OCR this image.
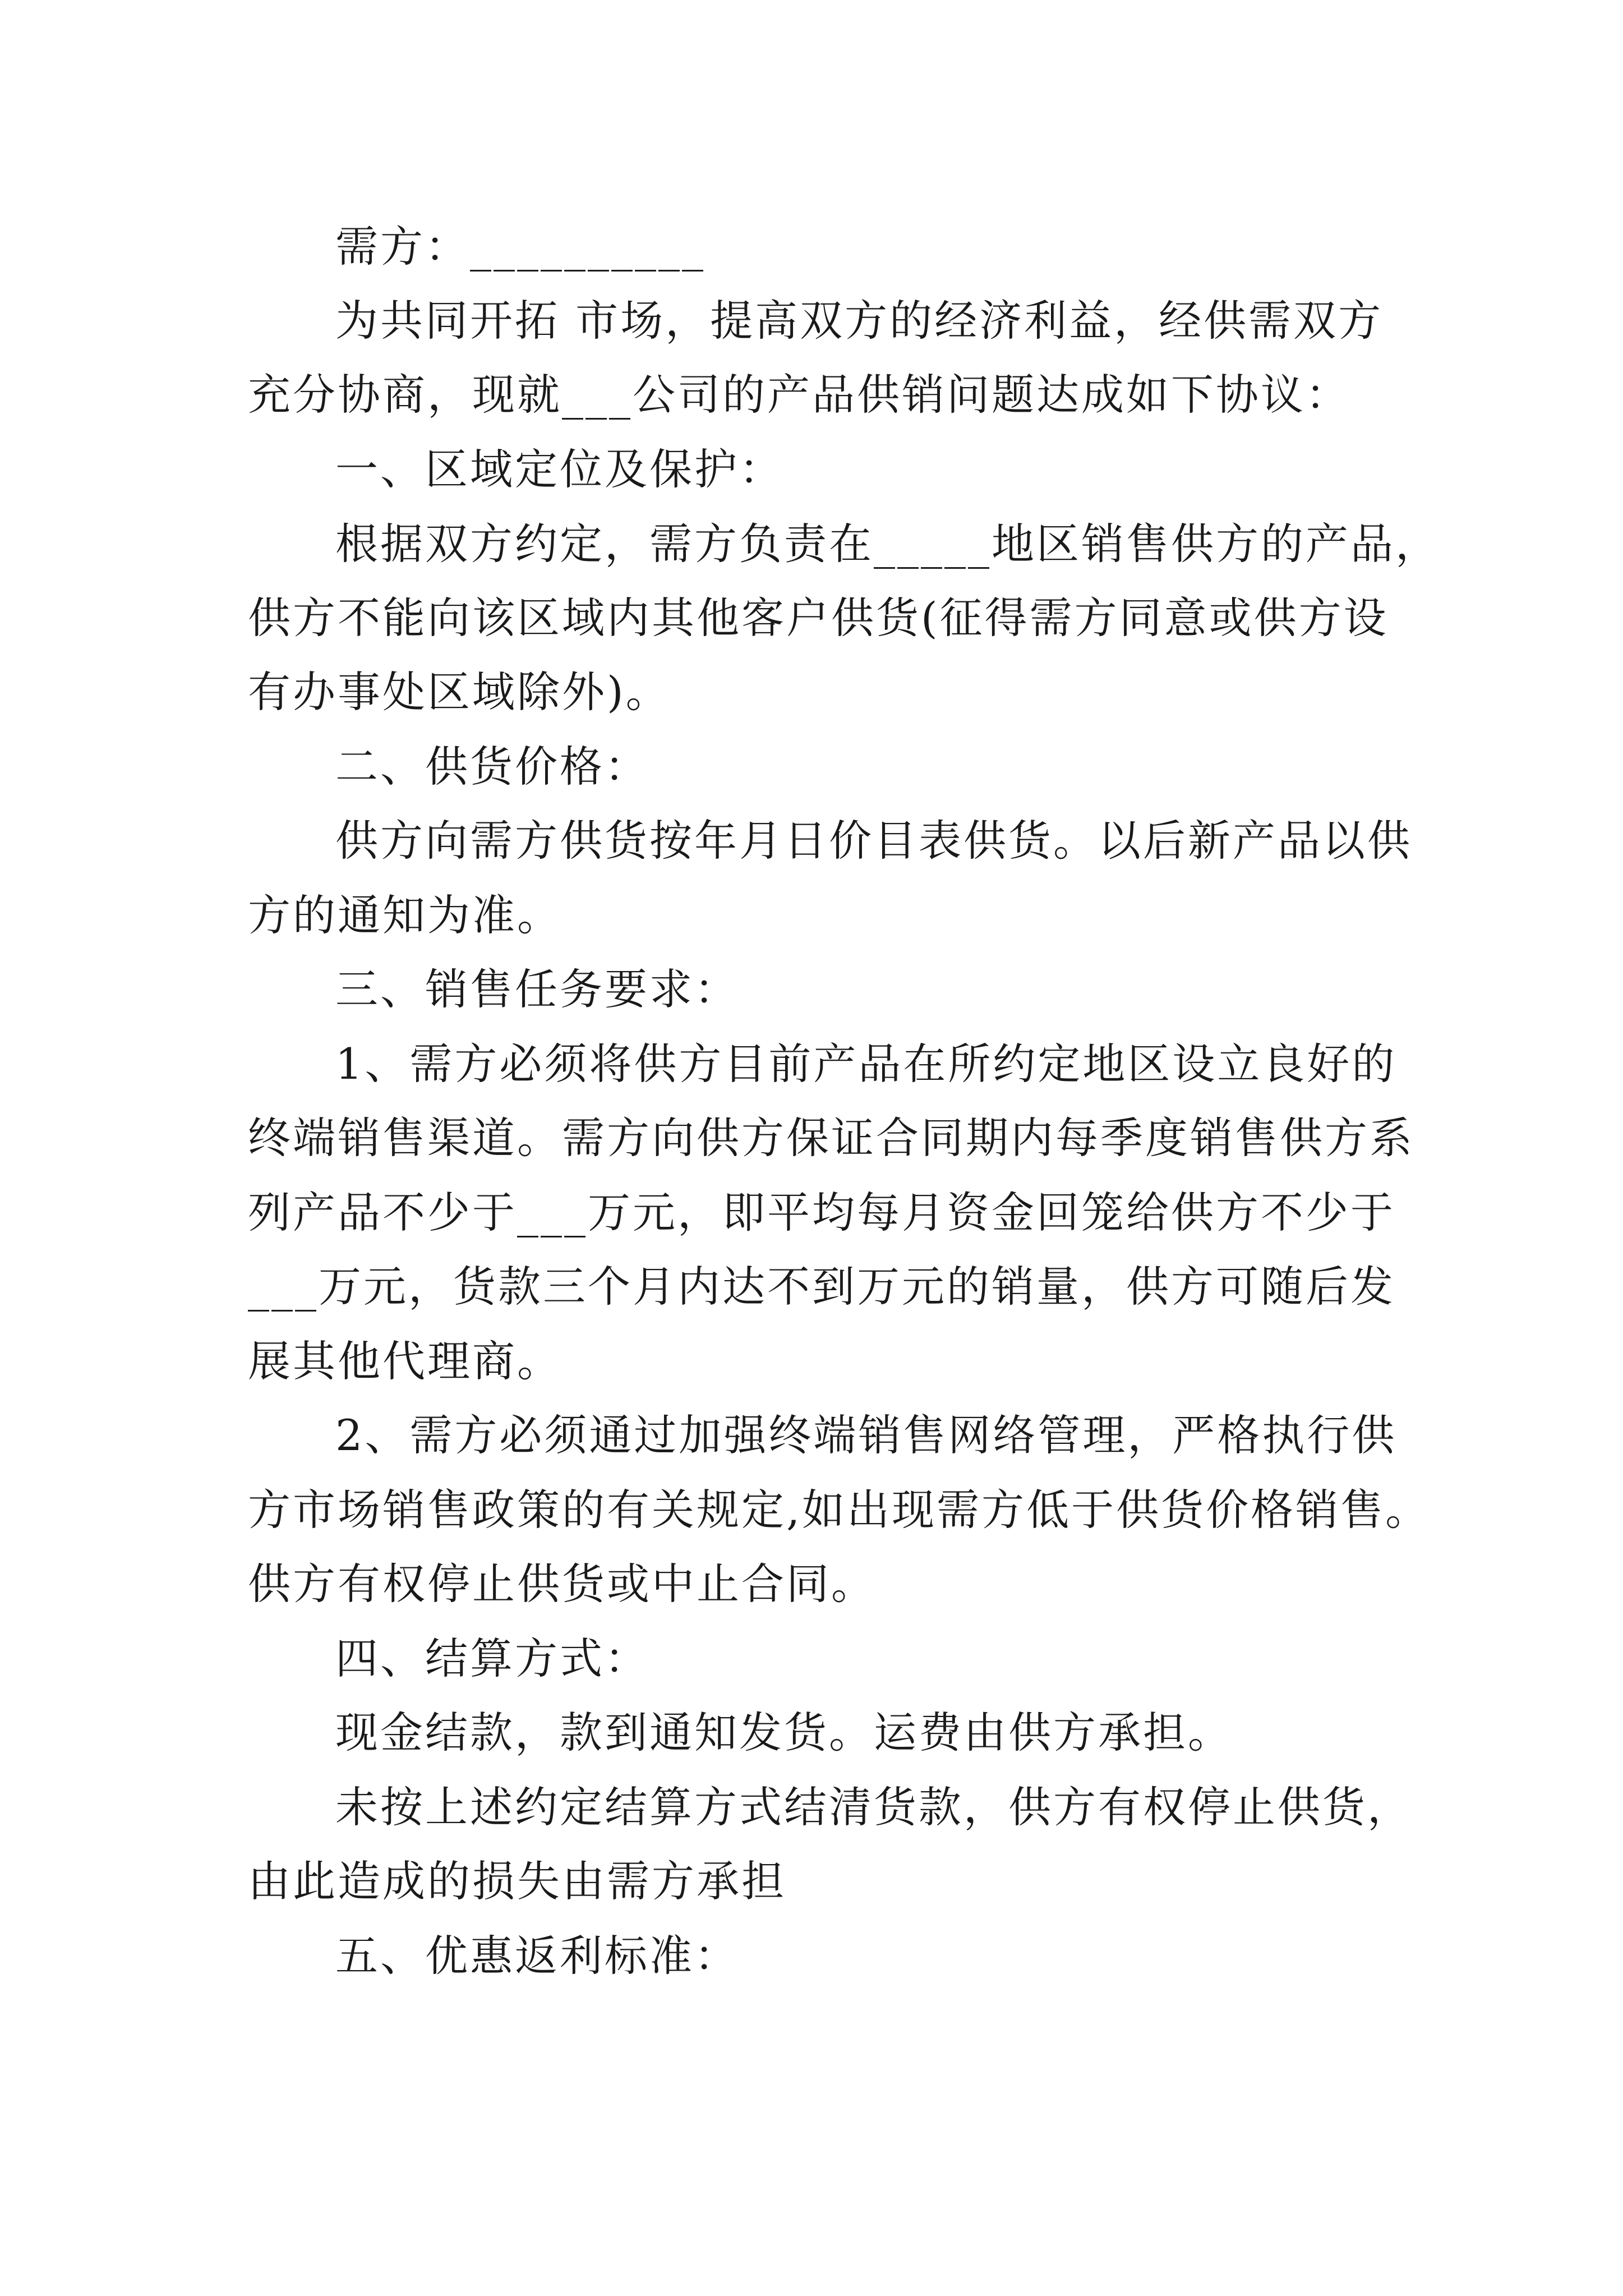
需方：__________

为共同开拓 市场，提高双方的经济利益，经供需双方

充分协商，现就___公司的产品供销问题达成如下协议：

一、区域定位及保护：

根据双方约定，需方负责在_____地区销售供方的产品，

供方不能向该区域内其他客户供货(征得需方同意或供方设

有办事处区域除外)。

二、供货价格：

供方向需方供货按年月日价目表供货。以后新产品以供

方的通知为准。

三、销售任务要求：

1、需方必须将供方目前产品在所约定地区设立良好的

终端销售渠道。需方向供方保证合同期内每季度销售供方系

列产品不少于___万元，即平均每月资金回笼给供方不少于

___万元，货款三个月内达不到万元的销量，供方可随后发

展其他代理商。

2、需方必须通过加强终端销售网络管理，严格执行供

方市场销售政策的有关规定,如出现需方低于供货价格销售。

供方有权停止供货或中止合同。

四、结算方式：

现金结款，款到通知发货。运费由供方承担。

未按上述约定结算方式结清货款，供方有权停止供货，

由此造成的损失由需方承担

五、优惠返利标准：
